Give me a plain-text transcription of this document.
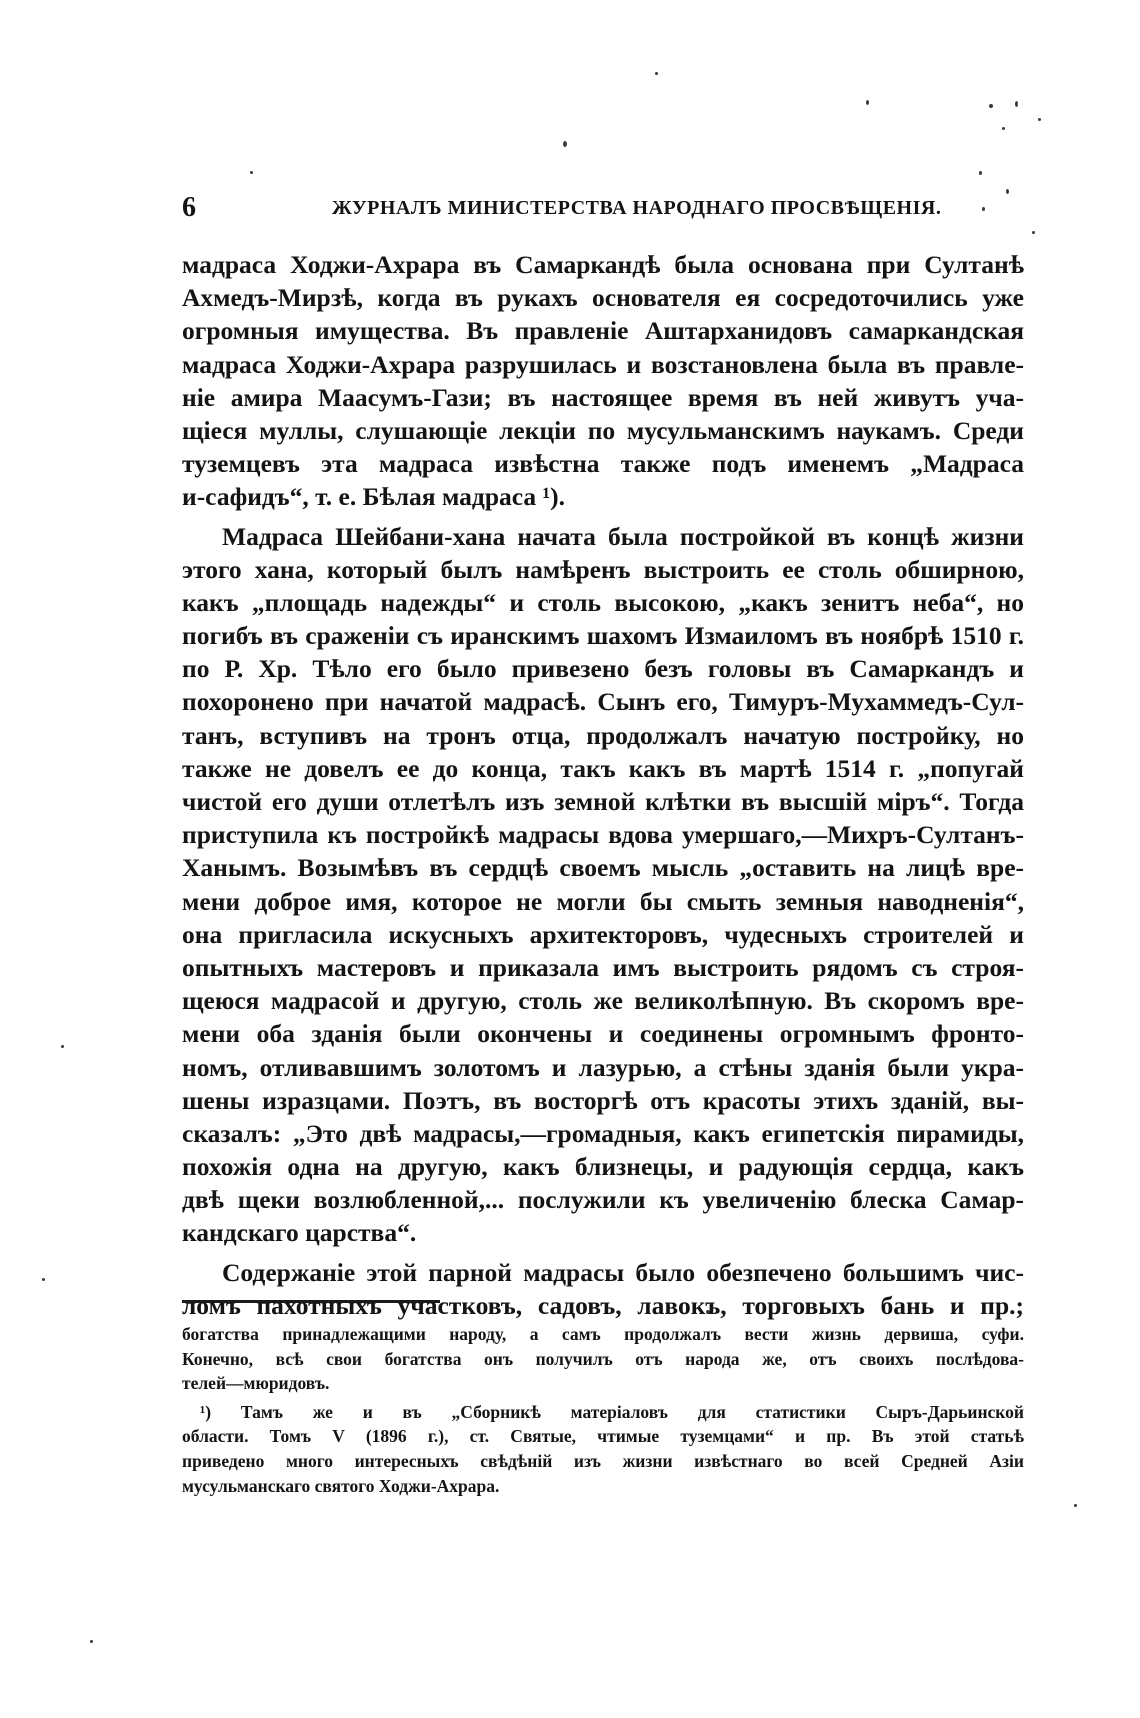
6	ЖУРНАЛЪ МИНИСТЕРСТВА НАРОДНАГО ПРОСВѢЩЕНІЯ.
мадраса Ходжи-Ахрара въ Самаркандѣ была основана при Султанѣ
Ахмедъ-Мирзѣ, когда въ рукахъ основателя ея сосредоточились уже
огромныя имущества. Въ правленіе Аштарханидовъ самаркандская
мадраса Ходжи-Ахрара разрушилась и возстановлена была въ правле-
ніе амира Маасумъ-Гази; въ настоящее время въ ней живутъ уча-
щіеся муллы, слушающіе лекціи по мусульманскимъ наукамъ. Среди
туземцевъ эта мадраса извѣстна также подъ именемъ „Мадраса
и-сафидъ“, т. е. Бѣлая мадраса ¹).
Мадраса Шейбани-хана начата была постройкой въ концѣ жизни
этого хана, который былъ намѣренъ выстроить ее столь обширною,
какъ „площадь надежды“ и столь высокою, „какъ зенитъ неба“, но
погибъ въ сраженіи съ иранскимъ шахомъ Измаиломъ въ ноябрѣ 1510 г.
по Р. Хр. Тѣло его было привезено безъ головы въ Самаркандъ и
похоронено при начатой мадрасѣ. Сынъ его, Тимуръ-Мухаммедъ-Сул-
танъ, вступивъ на тронъ отца, продолжалъ начатую постройку, но
также не довелъ ее до конца, такъ какъ въ мартѣ 1514 г. „попугай
чистой его души отлетѣлъ изъ земной клѣтки въ высшій міръ“. Тогда
приступила къ постройкѣ мадрасы вдова умершаго,—Михръ-Султанъ-
Ханымъ. Возымѣвъ въ сердцѣ своемъ мысль „оставить на лицѣ вре-
мени доброе имя, которое не могли бы смыть земныя наводненія“,
она пригласила искусныхъ архитекторовъ, чудесныхъ строителей и
опытныхъ мастеровъ и приказала имъ выстроить рядомъ съ строя-
щеюся мадрасой и другую, столь же великолѣпную. Въ скоромъ вре-
мени оба зданія были окончены и соединены огромнымъ фронто-
номъ, отливавшимъ золотомъ и лазурью, а стѣны зданія были укра-
шены изразцами. Поэтъ, въ восторгѣ отъ красоты этихъ зданій, вы-
сказалъ: „Это двѣ мадрасы,—громадныя, какъ египетскія пирамиды,
похожія одна на другую, какъ близнецы, и радующія сердца, какъ
двѣ щеки возлюбленной,... послужили къ увеличенію блеска Самар-
кандскаго царства“.
Содержаніе этой парной мадрасы было обезпечено большимъ чис-
ломъ пахотныхъ участковъ, садовъ, лавокъ, торговыхъ бань и пр.;
богатства принадлежащими народу, а самъ продолжалъ вести жизнь дервиша, суфи.
Конечно, всѣ свои богатства онъ получилъ отъ народа же, отъ своихъ послѣдова-
телей—мюридовъ.
¹) Тамъ же и въ „Сборникѣ матеріаловъ для статистики Сыръ-Дарьинской
области. Томъ V (1896 г.), ст. Святые, чтимые туземцами“ и пр. Въ этой статьѣ
приведено много интересныхъ свѣдѣній изъ жизни извѣстнаго во всей Средней Азіи
мусульманскаго святого Ходжи-Ахрара.
